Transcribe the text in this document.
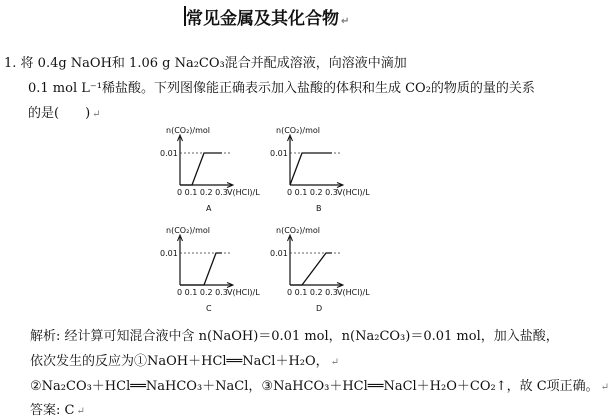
常见金属及其化合物 ↵
1. 将 0.4g NaOH和 1.06 g Na₂CO₃混合并配成溶液，向溶液中滴加
0.1 mol L⁻¹稀盐酸。下列图像能正确表示加入盐酸的体积和生成 CO₂的物质的量的关系
的是(　　) ↵
n(CO₂)/mol
0.01
0 0.1 0.2 0.3 V(HCl)/L
A
n(CO₂)/mol
0.01
0 0.1 0.2 0.3 V(HCl)/L
B
n(CO₂)/mol
0.01
0 0.1 0.2 0.3 V(HCl)/L
C
n(CO₂)/mol
0.01
0 0.1 0.2 0.3 V(HCl)/L
D
解析: 经计算可知混合液中含 n(NaOH)＝0.01 mol，n(Na₂CO₃)＝0.01 mol，加入盐酸，
依次发生的反应为①NaOH＋HCl══NaCl＋H₂O， ↵
②Na₂CO₃＋HCl══NaHCO₃＋NaCl，③NaHCO₃＋HCl══NaCl＋H₂O＋CO₂↑，故 C项正确。 ↵
答案: C ↵
